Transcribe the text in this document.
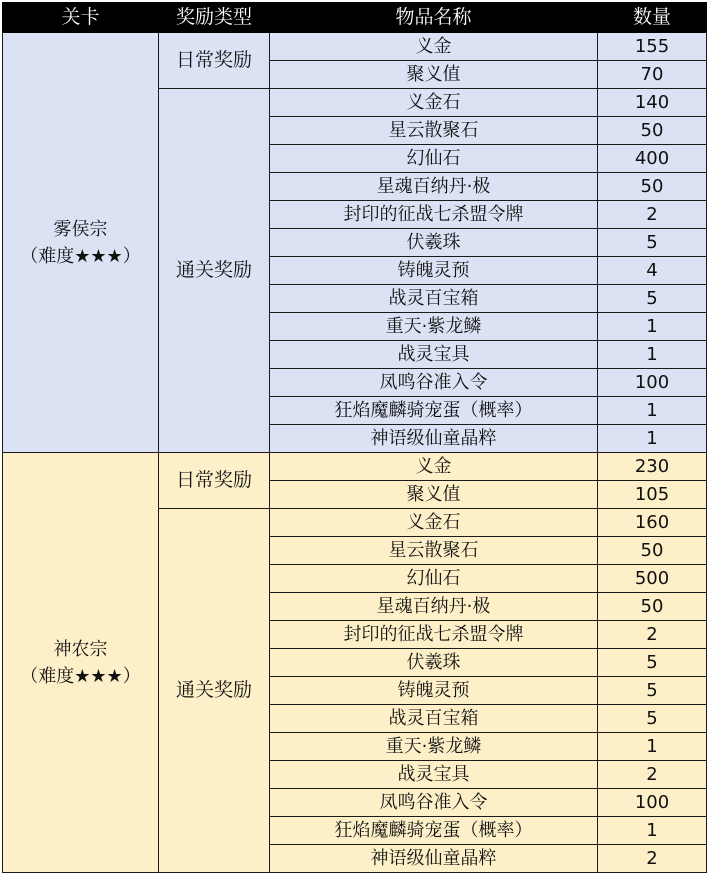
关卡	奖励类型	物品名称	数量
雾侯宗
（难度★★★）	日常奖励	义金	155
		聚义值	70
	通关奖励	义金石	140
		星云散聚石	50
		幻仙石	400
		星魂百纳丹·极	50
		封印的征战七杀盟令牌	2
		伏羲珠	5
		铸魄灵预	4
		战灵百宝箱	5
		重天·紫龙鳞	1
		战灵宝具	1
		凤鸣谷准入令	100
		狂焰魔麟骑宠蛋（概率）	1
		神语级仙童晶粹	1
神农宗
（难度★★★）	日常奖励	义金	230
		聚义值	105
	通关奖励	义金石	160
		星云散聚石	50
		幻仙石	500
		星魂百纳丹·极	50
		封印的征战七杀盟令牌	2
		伏羲珠	5
		铸魄灵预	5
		战灵百宝箱	5
		重天·紫龙鳞	1
		战灵宝具	2
		凤鸣谷准入令	100
		狂焰魔麟骑宠蛋（概率）	1
		神语级仙童晶粹	2
